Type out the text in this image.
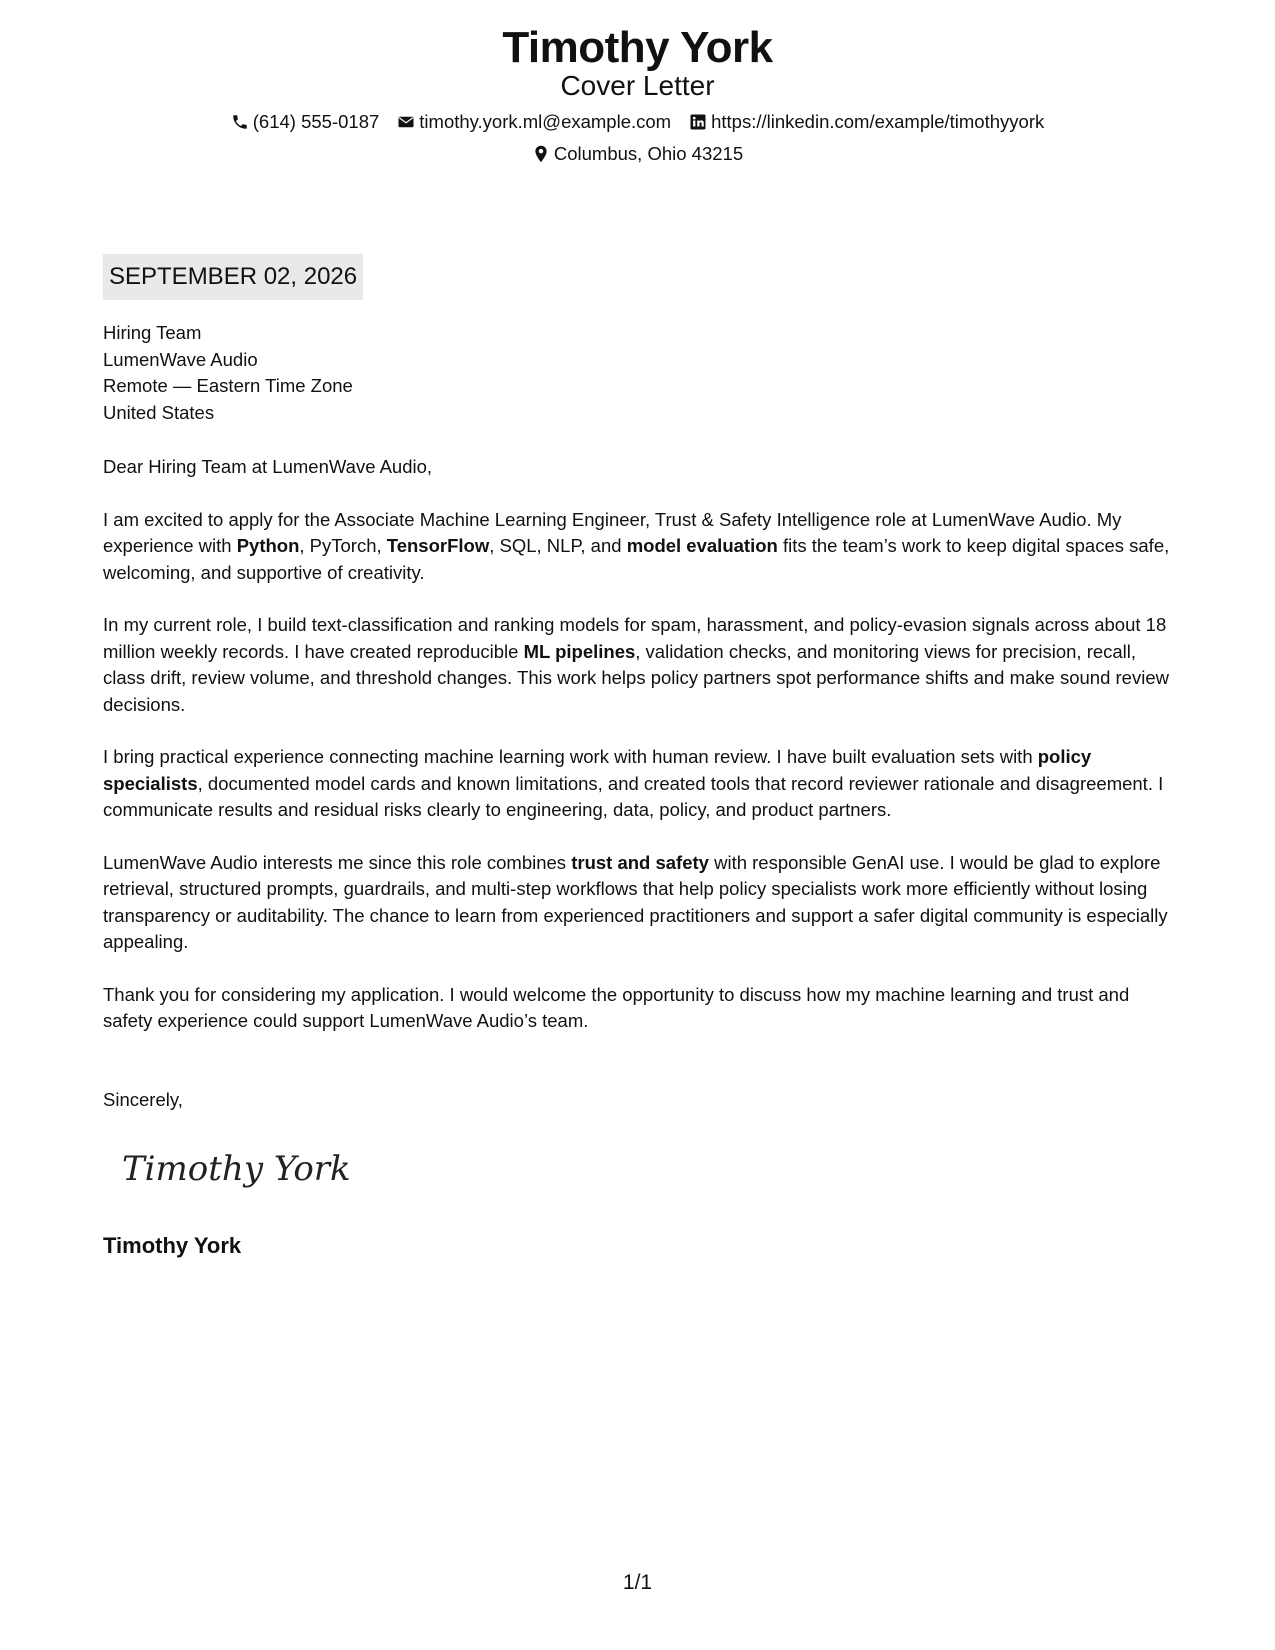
Timothy York
Cover Letter
(614) 555-0187 timothy.york.ml@example.com https://linkedin.com/example/timothyyork
Columbus, Ohio 43215
SEPTEMBER 02, 2026
Hiring Team
LumenWave Audio
Remote — Eastern Time Zone
United States

Dear Hiring Team at LumenWave Audio,

I am excited to apply for the Associate Machine Learning Engineer, Trust & Safety Intelligence role at LumenWave Audio. My experience with Python, PyTorch, TensorFlow, SQL, NLP, and model evaluation fits the team’s work to keep digital spaces safe, welcoming, and supportive of creativity.

In my current role, I build text-classification and ranking models for spam, harassment, and policy-evasion signals across about 18 million weekly records. I have created reproducible ML pipelines, validation checks, and monitoring views for precision, recall, class drift, review volume, and threshold changes. This work helps policy partners spot performance shifts and make sound review decisions.

I bring practical experience connecting machine learning work with human review. I have built evaluation sets with policy specialists, documented model cards and known limitations, and created tools that record reviewer rationale and disagreement. I communicate results and residual risks clearly to engineering, data, policy, and product partners.

LumenWave Audio interests me since this role combines trust and safety with responsible GenAI use. I would be glad to explore retrieval, structured prompts, guardrails, and multi-step workflows that help policy specialists work more efficiently without losing transparency or auditability. The chance to learn from experienced practitioners and support a safer digital community is especially appealing.

Thank you for considering my application. I would welcome the opportunity to discuss how my machine learning and trust and safety experience could support LumenWave Audio’s team.

Sincerely,
Timothy York
Timothy York
1/1
